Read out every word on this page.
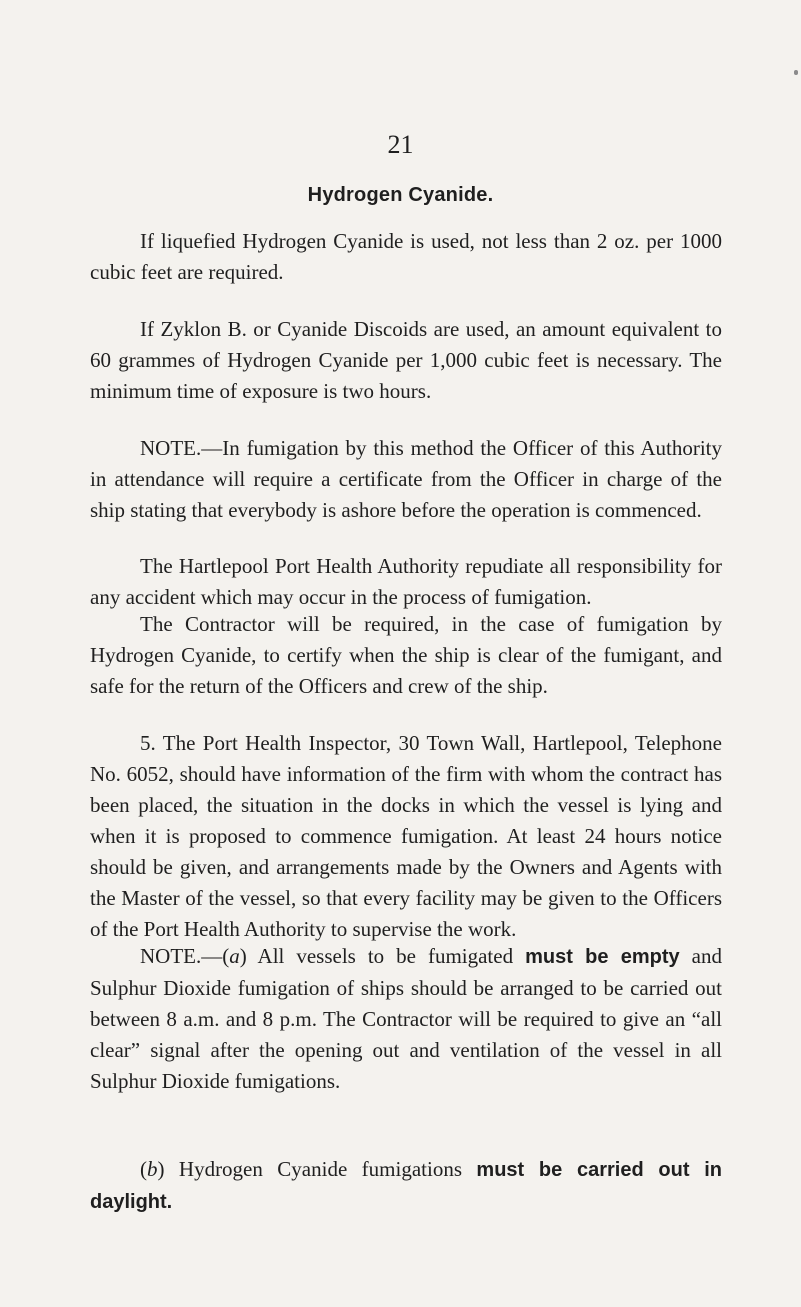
21
Hydrogen Cyanide.

If liquefied Hydrogen Cyanide is used, not less than 2 oz. per 1000 cubic feet are required.

If Zyklon B. or Cyanide Discoids are used, an amount equivalent to 60 grammes of Hydrogen Cyanide per 1,000 cubic feet is necessary. The minimum time of exposure is two hours.

NOTE.—In fumigation by this method the Officer of this Authority in attendance will require a certificate from the Officer in charge of the ship stating that everybody is ashore before the operation is commenced.

The Hartlepool Port Health Authority repudiate all responsibility for any accident which may occur in the process of fumigation.

The Contractor will be required, in the case of fumigation by Hydrogen Cyanide, to certify when the ship is clear of the fumigant, and safe for the return of the Officers and crew of the ship.

5. The Port Health Inspector, 30 Town Wall, Hartlepool, Telephone No. 6052, should have information of the firm with whom the contract has been placed, the situation in the docks in which the vessel is lying and when it is proposed to commence fumigation. At least 24 hours notice should be given, and arrangements made by the Owners and Agents with the Master of the vessel, so that every facility may be given to the Officers of the Port Health Authority to supervise the work.

NOTE.—(a) All vessels to be fumigated must be empty and Sulphur Dioxide fumigation of ships should be arranged to be carried out between 8 a.m. and 8 p.m. The Contractor will be required to give an “all clear” signal after the opening out and ventilation of the vessel in all Sulphur Dioxide fumigations.

(b) Hydrogen Cyanide fumigations must be carried out in daylight.
